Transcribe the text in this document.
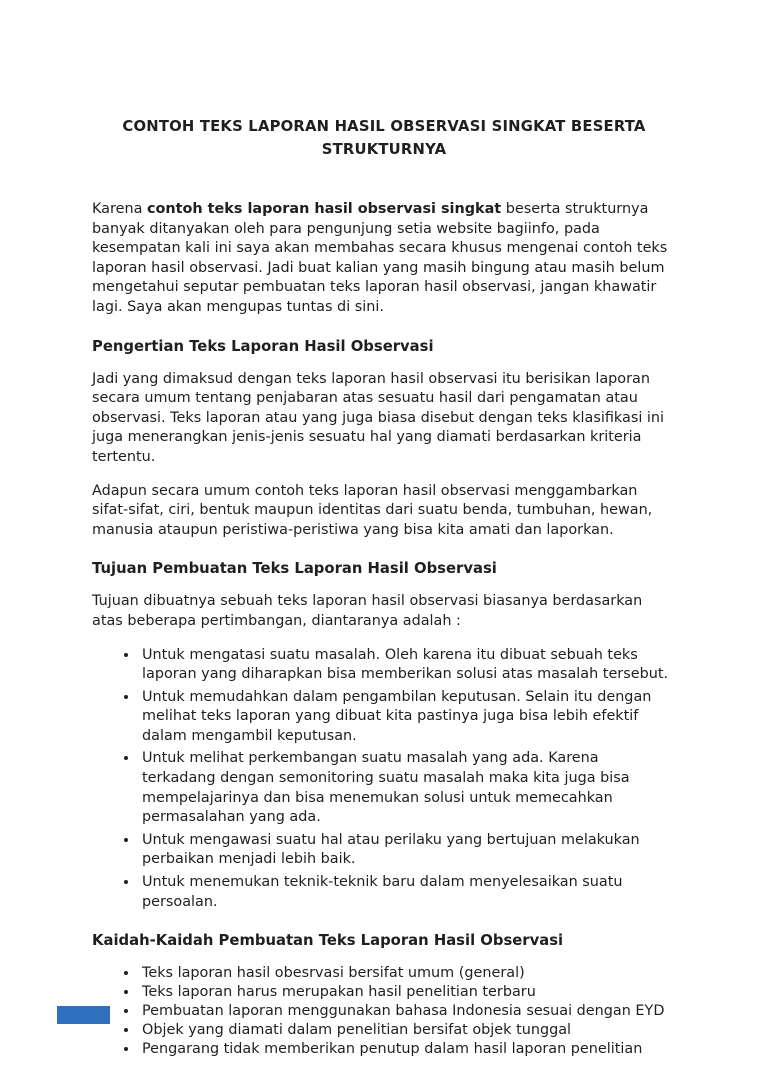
CONTOH TEKS LAPORAN HASIL OBSERVASI SINGKAT BESERTA STRUKTURNYA

Karena contoh teks laporan hasil observasi singkat beserta strukturnya banyak ditanyakan oleh para pengunjung setia website bagiinfo, pada kesempatan kali ini saya akan membahas secara khusus mengenai contoh teks laporan hasil observasi. Jadi buat kalian yang masih bingung atau masih belum mengetahui seputar pembuatan teks laporan hasil observasi, jangan khawatir lagi. Saya akan mengupas tuntas di sini.

Pengertian Teks Laporan Hasil Observasi

Jadi yang dimaksud dengan teks laporan hasil observasi itu berisikan laporan secara umum tentang penjabaran atas sesuatu hasil dari pengamatan atau observasi. Teks laporan atau yang juga biasa disebut dengan teks klasifikasi ini juga menerangkan jenis-jenis sesuatu hal yang diamati berdasarkan kriteria tertentu.

Adapun secara umum contoh teks laporan hasil observasi menggambarkan sifat-sifat, ciri, bentuk maupun identitas dari suatu benda, tumbuhan, hewan, manusia ataupun peristiwa-peristiwa yang bisa kita amati dan laporkan.

Tujuan Pembuatan Teks Laporan Hasil Observasi

Tujuan dibuatnya sebuah teks laporan hasil observasi biasanya berdasarkan atas beberapa pertimbangan, diantaranya adalah :

• Untuk mengatasi suatu masalah. Oleh karena itu dibuat sebuah teks laporan yang diharapkan bisa memberikan solusi atas masalah tersebut.
• Untuk memudahkan dalam pengambilan keputusan. Selain itu dengan melihat teks laporan yang dibuat kita pastinya juga bisa lebih efektif dalam mengambil keputusan.
• Untuk melihat perkembangan suatu masalah yang ada. Karena terkadang dengan semonitoring suatu masalah maka kita juga bisa mempelajarinya dan bisa menemukan solusi untuk memecahkan permasalahan yang ada.
• Untuk mengawasi suatu hal atau perilaku yang bertujuan melakukan perbaikan menjadi lebih baik.
• Untuk menemukan teknik-teknik baru dalam menyelesaikan suatu persoalan.
Kaidah-Kaidah Pembuatan Teks Laporan Hasil Observasi
• Teks laporan hasil obesrvasi bersifat umum (general)
• Teks laporan harus merupakan hasil penelitian terbaru
• Pembuatan laporan menggunakan bahasa Indonesia sesuai dengan EYD
• Objek yang diamati dalam penelitian bersifat objek tunggal
• Pengarang tidak memberikan penutup dalam hasil laporan penelitian
